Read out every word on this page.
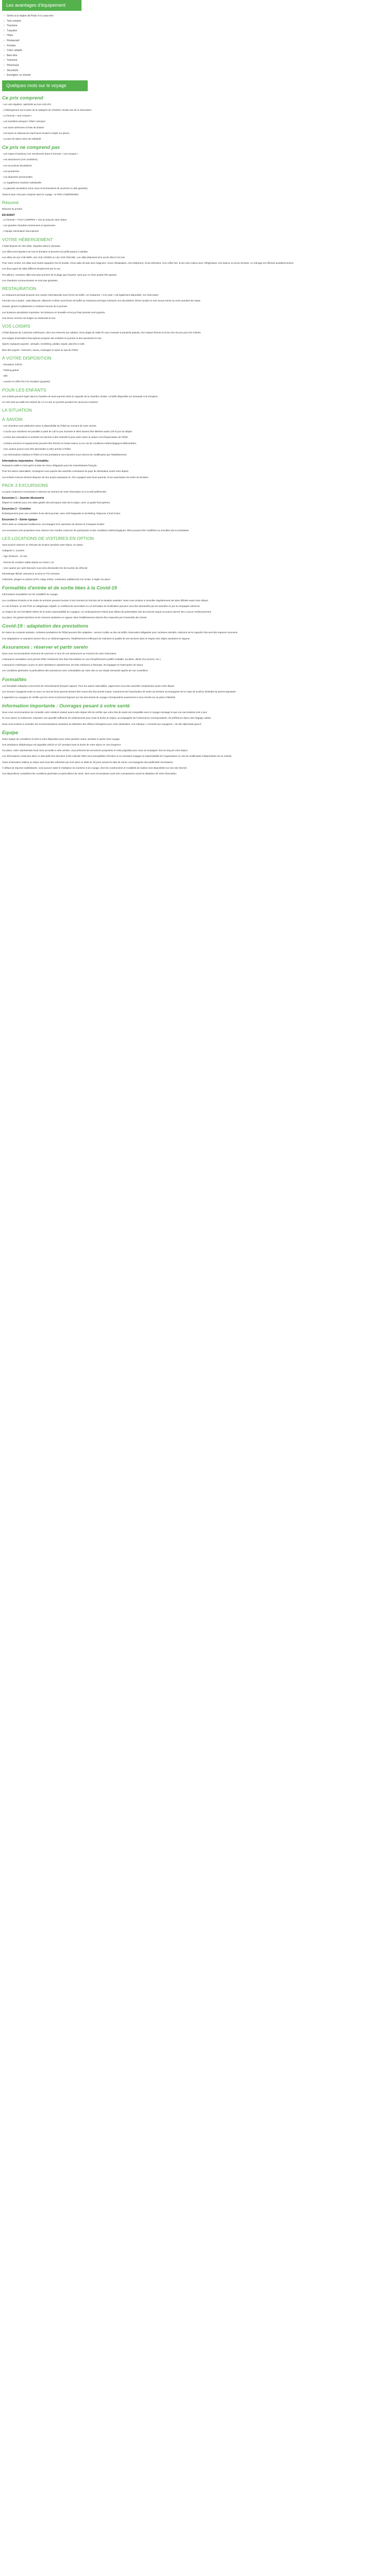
Les avantages d'équipement
✓ Gérés à la région de Paris il n'y aura rien
✓ Taxi compris
✓ Tourisme
✓ Transfert
✓ Hôtel
✓ Restaurant
✓ Premier
✓ Cœur adapté
✓ Bien-être
✓ Tourisme
✓ Pharmacie
✓ Sécurisée
✓ Enseigner ce chemin
Quelques mots sur le voyage
Ce prix comprend

- Les vols réguliers, optimisés au tout coût d'ici

- L'hébergement sur la base de la catégorie de chambre choisie lors de la réservation

- La formule « tout compris »

- Les transferts aéroport / hôtel / aéroport

- Les taxes aériennes et frais de dossier

- Les taxes et redevances (sauf taxes locales à régler sur place)

- La taxe de séjour et/ou de solidarité

Ce prix ne comprend pas

- Les repas et boissons non mentionnés dans la formule « tout compris »

- Les assurances (voir conditions)

- Les excursions facultatives

- Les pourboires

- Les dépenses personnelles

- Le supplément chambre individuelle

- La garantie annulation (nous vous recommandons de souscrire à cette garantie)

Toute la taxe n'est pas comprise dans le voyage : le PRIX COMPRENDS

Résumé

Résumé du produit

EN AVANT

- Le formule « TOUT COMPRIS » tout au long de votre séjour

- Les grandes chambres lumineuses et spacieuses

- L'équipe d'animation francophone

VOTRE HÉBERGEMENT

L'hôtel dispose de 193 villas, réparties dans le domaine.

Les villas sont réparties sur tout le domaine et peuvent accueillir jusqu'à 3 adultes.

Les villas ont une VUE MER, une VUE JARDIN ou une VUE PISCINE. Les villas disposent d'un accès direct à la mer.

Pour votre confort, les villas sont toutes équipées d'un lit double, d'une salle de bain avec baignoire, d'une climatisation, d'un téléphone, d'une télévision, d'un coffre-fort, d'une mini-cuisine avec réfrigérateur, d'un balcon ou d'une terrasse. Le ménage est effectué quotidiennement.

Les deux types de villas diffèrent simplement par la vue.

Par ailleurs, certaines villas sont plus proches de la plage que d'autres, sans que ce choix puisse être garanti.

Les chambres communicantes ne sont pas garanties.

RESTAURATION

Le restaurant principal propose une cuisine internationale sous forme de buffet. Un restaurant « à la carte » est également disponible, sur réservation.

Formule tout compris : petit déjeuner, déjeuner et dîner sous forme de buffet au restaurant principal, boissons non alcoolisées, bières locales et vins locaux servis au verre pendant les repas.

Snacks, glaces et pâtisseries à certaines heures de la journée.

Les boissons alcoolisées importées, les boissons en bouteille et les jus frais pressés sont payants.

Une tenue correcte est exigée au restaurant le soir.

VOS LOISIRS

L'hôtel dispose de 2 piscines extérieures, dont une réservée aux adultes, d'une plage de sable fin avec transats et parasols gratuits, d'un espace fitness et d'une aire de jeux pour les enfants.

Une équipe d'animation francophone propose des activités en journée et des spectacles le soir.

Sports nautiques payants : plongée, snorkeling, pédalo, kayak, planche à voile.

Bien-être payant : hammam, sauna, massages et soins au spa de l'hôtel.

À VOTRE DISPOSITION

- Réception 24h/24

- Parking gratuit

- Wifi

- Laverie et coffre-fort à la réception (payants)

POUR LES ENFANTS

Les enfants peuvent loger dans la chambre de leurs parents selon la capacité de la chambre choisie. Lit bébé disponible sur demande à la réception.

Un mini-club accueille les enfants de 4 à 12 ans en journée pendant les vacances scolaires.

LA SITUATION
À SAVOIR

- Les chambres sont attribuées selon la disponibilité de l'hôtel au moment de votre arrivée.

- L'accès aux chambres est possible à partir de 14h le jour d'arrivée et elles doivent être libérées avant 12h le jour du départ.

- La liste des animations et activités est donnée à titre indicatif et peut varier selon la saison et la fréquentation de l'hôtel.

- Certains services et équipements peuvent être fermés en basse saison ou en cas de conditions météorologiques défavorables.

- Une caution pourra vous être demandée à votre arrivée à l'hôtel.

- Les informations relatives à l'hôtel et à ses prestations sont données sous réserve de modification par l'établissement.

Informations importantes : Formalités

Passeport valide 6 mois après la date de retour obligatoire pour les ressortissants français.

Pour les autres nationalités, renseignez-vous auprès des autorités consulaires du pays de destination avant votre départ.

Les enfants mineurs doivent disposer de leur propre passeport et, s'ils voyagent sans leurs parents, d'une autorisation de sortie du territoire.

PACK 3 EXCURSIONS

Le pack comprend 3 excursions à réserver au moment de votre réservation et à un tarif préférentiel.

Excursion 1 – Journée découverte

Départ en matinée pour une visite guidée des principaux sites de la région, avec un guide francophone.

Excursion 2 – Croisière

Embarquement pour une croisière d'une demi-journée, avec arrêt baignade et snorkeling. Déjeuner à bord inclus.

Excursion 3 – Soirée typique

Dîner dans un restaurant traditionnel, accompagné d'un spectacle de danses et musiques locales.

Les excursions sont proposées sous réserve d'un nombre minimum de participants et des conditions météorologiques. Elles peuvent être modifiées ou annulées par le prestataire.

LES LOCATIONS DE VOITURES EN OPTION

Vous pouvez réserver un véhicule de location pendant votre séjour, en option.

Catégorie A, 3 portes

- Âge minimum : 21 ans

- Permis de conduire valide depuis au moins 1 an

- Une caution par carte bancaire vous sera demandée lors de la prise du véhicule

Kilométrage illimité, assurance au tiers et TVA incluses.

Carburant, péages et options (GPS, siège enfant, conducteur additionnel) non inclus, à régler sur place.

Formalités d'entrée et de sortie liées à la Covid-19

Informations actualisées sur les modalités de voyage.

Les conditions d'entrée et de sortie du territoire peuvent évoluer à tout moment en fonction de la situation sanitaire. Nous vous invitons à consulter régulièrement les sites officiels avant votre départ.

Le cas échéant, un test PCR ou antigénique négatif, un certificat de vaccination ou un formulaire de localisation peuvent vous être demandés par les autorités ou par la compagnie aérienne.

Le respect de ces formalités relève de la seule responsabilité du voyageur. Un embarquement refusé pour défaut de présentation des documents requis ne pourra donner lieu à aucun remboursement.

Sur place, les gestes barrières et les mesures sanitaires en vigueur dans l'établissement doivent être respectés par l'ensemble des clients.

Covid-19 : adaptation des prestations

En raison du contexte sanitaire, certaines prestations de l'hôtel peuvent être adaptées : service à table au lieu du buffet, réservation obligatoire pour certaines activités, réduction de la capacité d'accueil des espaces communs.

Ces adaptations ne sauraient donner lieu à un dédommagement, l'établissement s'efforçant de maintenir la qualité de ses services dans le respect des règles sanitaires en vigueur.

Assurances : réserver et partir serein

Nous vous recommandons vivement de souscrire à l'une de nos assurances au moment de votre réservation.

L'assurance annulation vous permet d'être remboursé des frais d'annulation en cas d'empêchement justifié (maladie, accident, décès d'un proche, etc.).

L'assurance multirisque couvre en plus l'assistance rapatriement, les frais médicaux à l'étranger, les bagages et l'interruption de séjour.

Les conditions générales et particulières des assurances sont consultables sur notre site ou sur simple demande auprès de nos conseillers.

Formalités

Les formalités indiquées concernent les ressortissants français majeurs. Pour les autres nationalités, rapprochez-vous des autorités compétentes avant votre départ.

Les mineurs voyageant seuls ou avec un seul de leurs parents doivent être munis des documents requis, notamment de l'autorisation de sortie du territoire accompagnée de la copie de la pièce d'identité du parent signataire.

Il appartient au voyageur de vérifier que les noms et prénoms figurant sur ses documents de voyage correspondent exactement à ceux inscrits sur sa pièce d'identité.

Information importante : Ouvrages pesant à votre santé

Nous vous recommandons de consulter votre médecin traitant avant votre départ afin de vérifier que votre état de santé est compatible avec le voyage envisagé et que vos vaccinations sont à jour.

Si vous suivez un traitement, emportez une quantité suffisante de médicaments pour toute la durée du séjour, accompagnée de l'ordonnance correspondante, de préférence dans votre bagage cabine.

Nous vous invitons à consulter les recommandations sanitaires du Ministère des Affaires étrangères pour votre destination, à la rubrique « Conseils aux voyageurs » du site diplomatie.gouv.fr.

Équipe

Notre équipe de conseillers se tient à votre disposition pour toute question avant, pendant et après votre voyage.

Une assistance téléphonique est joignable 24h/24 et 7j/7 pendant toute la durée de votre séjour en cas d'urgence.

Sur place, notre représentant local vous accueille à votre arrivée, vous présente les excursions proposées et reste joignable pour vous accompagner tout au long de votre séjour.

Les informations contenues dans ce descriptif sont données à titre indicatif. Elles sont susceptibles d'évoluer et ne sauraient engager la responsabilité de l'organisateur en cas de modification indépendante de sa volonté.

Toute réclamation relative au séjour doit nous être adressée par écrit dans un délai de 30 jours suivant la date de retour, accompagnée des justificatifs nécessaires.

À défaut de réponse satisfaisante, vous pouvez saisir le médiateur du tourisme et du voyage, dont les coordonnées et modalités de saisine sont disponibles sur son site internet.

Ces dispositions complètent les conditions générales et particulières de vente, dont vous reconnaissez avoir pris connaissance avant la validation de votre réservation.
